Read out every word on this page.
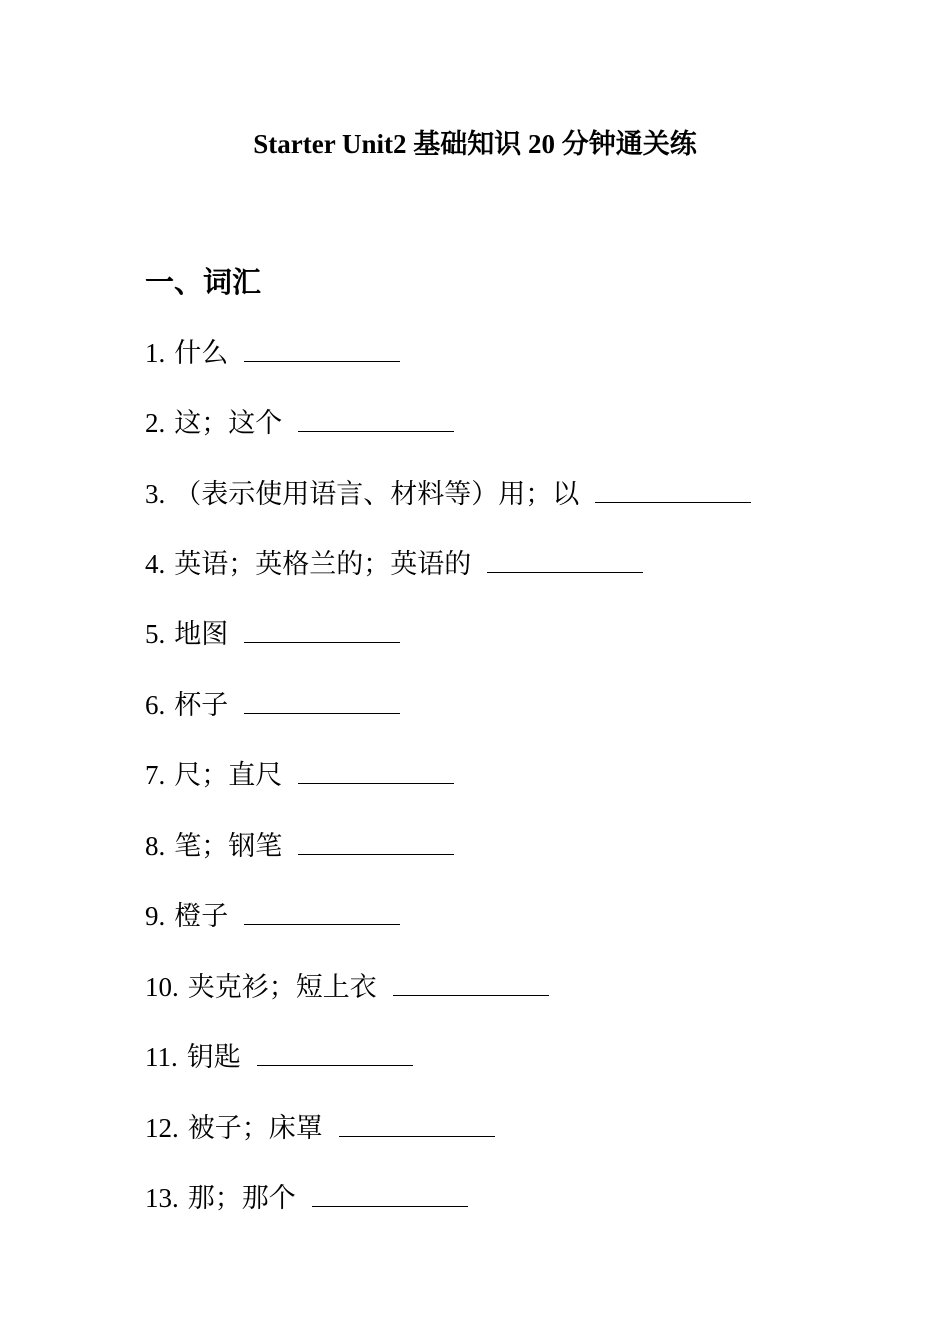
Starter Unit2 基础知识 20 分钟通关练
一、词汇
1. 什么
2. 这；这个
3. （表示使用语言、材料等）用；以
4. 英语；英格兰的；英语的
5. 地图
6. 杯子
7. 尺；直尺
8. 笔；钢笔
9. 橙子
10. 夹克衫；短上衣
11. 钥匙
12. 被子；床罩
13. 那；那个
